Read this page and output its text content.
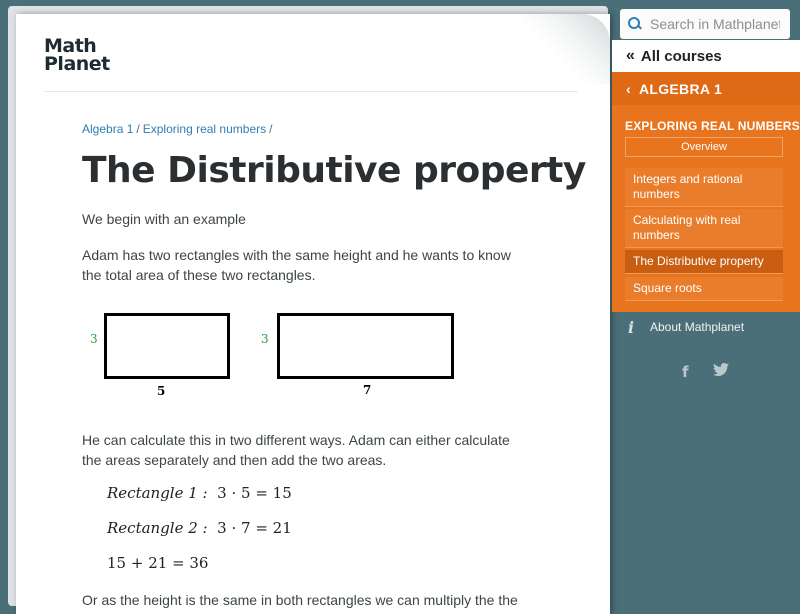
Math
Planet
Algebra 1 / Exploring real numbers /
The Distributive property

We begin with an example

Adam has two rectangles with the same height and he wants to know the total area of these two rectangles.

3
5
3
7

He can calculate this in two different ways. Adam can either calculate the areas separately and then add the two areas.

Rectangle 1 : 3 · 5 = 15
Rectangle 2 : 3 · 7 = 21
15 + 21 = 36

Or as the height is the same in both rectangles we can multiply the the

Search in Mathplanet
« All courses
‹ ALGEBRA 1
EXPLORING REAL NUMBERS
Overview
Integers and rational numbers
Calculating with real numbers
The Distributive property
Square roots
i	About Mathplanet
f
